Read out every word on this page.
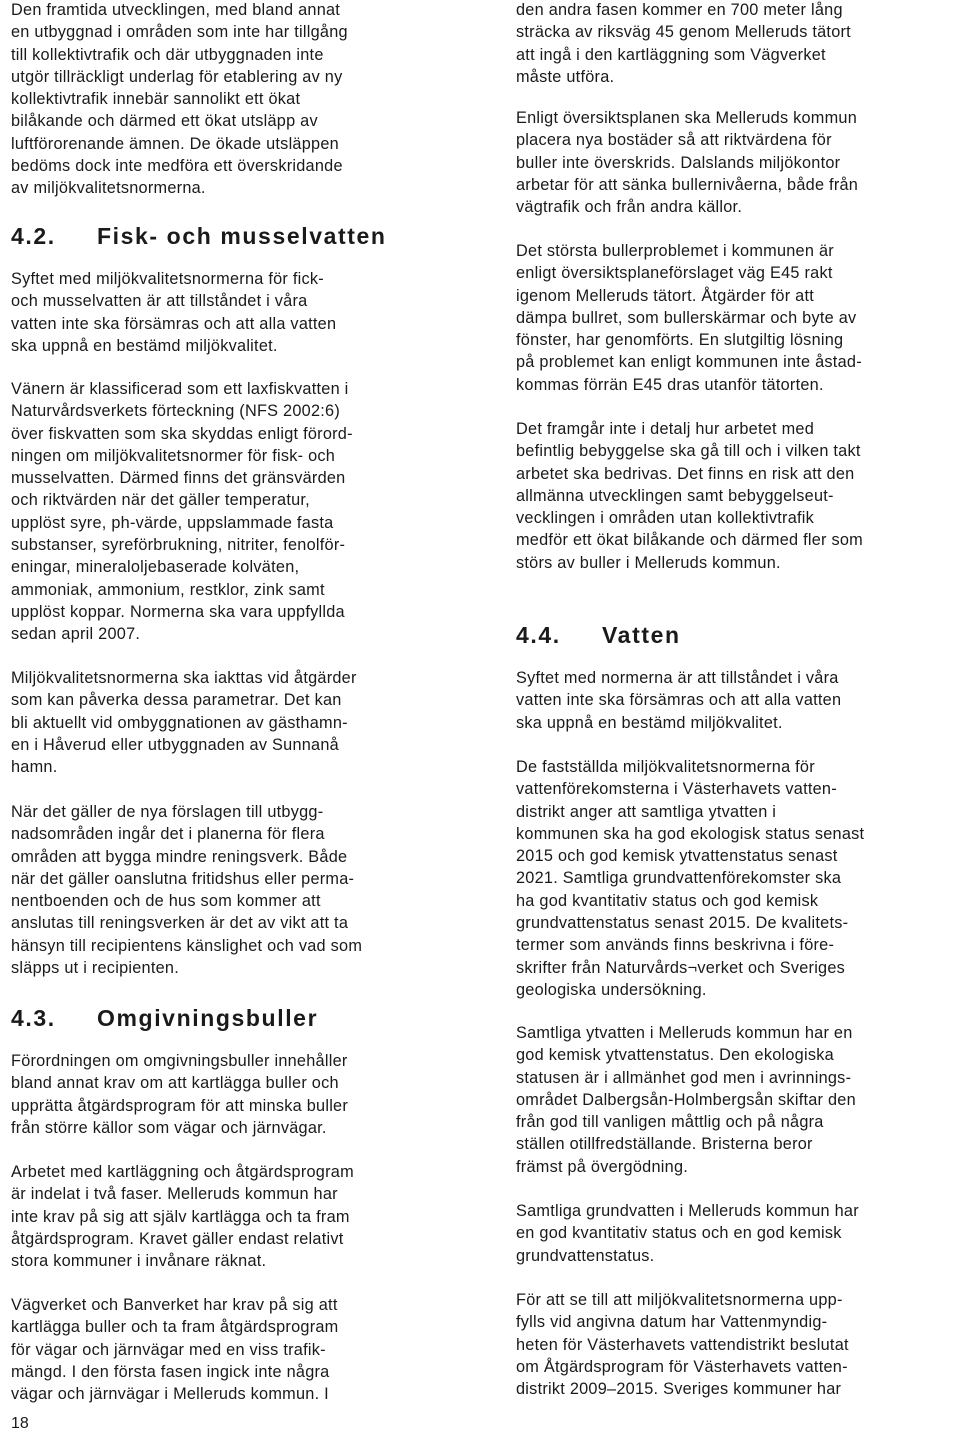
Den framtida utvecklingen, med bland annat
en utbyggnad i områden som inte har tillgång
till kollektivtrafik och där utbyggnaden inte
utgör tillräckligt underlag för etablering av ny
kollektivtrafik innebär sannolikt ett ökat
bilåkande och därmed ett ökat utsläpp av
luftförorenande ämnen. De ökade utsläppen
bedöms dock inte medföra ett överskridande
av miljökvalitetsnormerna.
4.2. Fisk- och musselvatten
Syftet med miljökvalitetsnormerna för fick-
och musselvatten är att tillståndet i våra
vatten inte ska försämras och att alla vatten
ska uppnå en bestämd miljökvalitet.
Vänern är klassificerad som ett laxfiskvatten i
Naturvårdsverkets förteckning (NFS 2002:6)
över fiskvatten som ska skyddas enligt förord-
ningen om miljökvalitetsnormer för fisk- och
musselvatten. Därmed finns det gränsvärden
och riktvärden när det gäller temperatur,
upplöst syre, ph-värde, uppslammade fasta
substanser, syreförbrukning, nitriter, fenolför-
eningar, mineraloljebaserade kolväten,
ammoniak, ammonium, restklor, zink samt
upplöst koppar. Normerna ska vara uppfyllda
sedan april 2007.
Miljökvalitetsnormerna ska iakttas vid åtgärder
som kan påverka dessa parametrar. Det kan
bli aktuellt vid ombyggnationen av gästhamn-
en i Håverud eller utbyggnaden av Sunnanå
hamn.
När det gäller de nya förslagen till utbygg-
nadsområden ingår det i planerna för flera
områden att bygga mindre reningsverk. Både
när det gäller oanslutna fritidshus eller perma-
nentboenden och de hus som kommer att
anslutas till reningsverken är det av vikt att ta
hänsyn till recipientens känslighet och vad som
släpps ut i recipienten.
4.3. Omgivningsbuller
Förordningen om omgivningsbuller innehåller
bland annat krav om att kartlägga buller och
upprätta åtgärdsprogram för att minska buller
från större källor som vägar och järnvägar.
Arbetet med kartläggning och åtgärdsprogram
är indelat i två faser. Melleruds kommun har
inte krav på sig att själv kartlägga och ta fram
åtgärdsprogram. Kravet gäller endast relativt
stora kommuner i invånare räknat.
Vägverket och Banverket har krav på sig att
kartlägga buller och ta fram åtgärdsprogram
för vägar och järnvägar med en viss trafik-
mängd. I den första fasen ingick inte några
vägar och järnvägar i Melleruds kommun. I
den andra fasen kommer en 700 meter lång
sträcka av riksväg 45 genom Melleruds tätort
att ingå i den kartläggning som Vägverket
måste utföra.
Enligt översiktsplanen ska Melleruds kommun
placera nya bostäder så att riktvärdena för
buller inte överskrids. Dalslands miljökontor
arbetar för att sänka bullernivåerna, både från
vägtrafik och från andra källor.
Det största bullerproblemet i kommunen är
enligt översiktsplaneförslaget väg E45 rakt
igenom Melleruds tätort. Åtgärder för att
dämpa bullret, som bullerskärmar och byte av
fönster, har genomförts. En slutgiltig lösning
på problemet kan enligt kommunen inte åstad-
kommas förrän E45 dras utanför tätorten.
Det framgår inte i detalj hur arbetet med
befintlig bebyggelse ska gå till och i vilken takt
arbetet ska bedrivas. Det finns en risk att den
allmänna utvecklingen samt bebyggelseut-
vecklingen i områden utan kollektivtrafik
medför ett ökat bilåkande och därmed fler som
störs av buller i Melleruds kommun.
4.4. Vatten
Syftet med normerna är att tillståndet i våra
vatten inte ska försämras och att alla vatten
ska uppnå en bestämd miljökvalitet.
De fastställda miljökvalitetsnormerna för
vattenförekomsterna i Västerhavets vatten-
distrikt anger att samtliga ytvatten i
kommunen ska ha god ekologisk status senast
2015 och god kemisk ytvattenstatus senast
2021. Samtliga grundvattenförekomster ska
ha god kvantitativ status och god kemisk
grundvattenstatus senast 2015. De kvalitets-
termer som används finns beskrivna i före-
skrifter från Naturvårds¬verket och Sveriges
geologiska undersökning.
Samtliga ytvatten i Melleruds kommun har en
god kemisk ytvattenstatus. Den ekologiska
statusen är i allmänhet god men i avrinnings-
området Dalbergsån-Holmbergsån skiftar den
från god till vanligen måttlig och på några
ställen otillfredställande. Bristerna beror
främst på övergödning.
Samtliga grundvatten i Melleruds kommun har
en god kvantitativ status och en god kemisk
grundvattenstatus.
För att se till att miljökvalitetsnormerna upp-
fylls vid angivna datum har Vattenmyndig-
heten för Västerhavets vattendistrikt beslutat
om Åtgärdsprogram för Västerhavets vatten-
distrikt 2009–2015. Sveriges kommuner har
18
